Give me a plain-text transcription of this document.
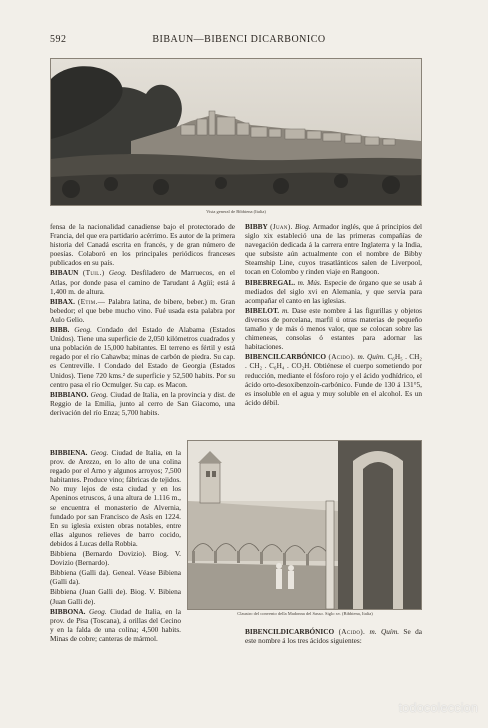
592	BIBAUN—BIBENCI DICARBONICO
Vista general de Bibbiena (Italia)

fensa de la nacionalidad canadiense bajo el protectorado de Francia, del que era partidario acérrimo. Es autor de la primera historia del Canadá escrita en francés, y de gran número de poesías. Colaboró en los principales periódicos franceses publicados en su país.

BIBAUN (Tuil.) Geog. Desfiladero de Marruecos, en el Atlas, por donde pasa el camino de Tarudant á Agüí; está á 1,400 m. de altura.

BIBAX. (Etim.— Palabra latina, de bibere, beber.) m. Gran bebedor; el que bebe mucho vino. Fué usada esta palabra por Aulo Gelio.

BIBB. Geog. Condado del Estado de Alabama (Estados Unidos). Tiene una superficie de 2,050 kilómetros cuadrados y una población de 15,000 habitantes. El terreno es fértil y está regado por el río Cahawba; minas de carbón de piedra. Su cap. es Centreville. ‖ Condado del Estado de Georgia (Estados Unidos). Tiene 720 kms.² de superficie y 52,500 habits. Por su centro pasa el río Ocmulger. Su cap. es Macon.

BIBBIANO. Geog. Ciudad de Italia, en la provincia y dist. de Reggio de la Emilia, junto al cerro de San Giacomo, una derivación del río Enza; 5,700 habits.

BIBBIENA. Geog. Ciudad de Italia, en la prov. de Arezzo, en lo alto de una colina regado por el Arno y algunos arroyos; 7,500 habitantes. Produce vino; fábricas de tejidos. No muy lejos de esta ciudad y en los Apeninos etruscos, á una altura de 1.116 m., se encuentra el monasterio de Alvernia, fundado por san Francisco de Asís en 1224. En su iglesia existen obras notables, entre ellas algunos relieves de barro cocido, debidos á Lucas della Robbia.

Bibbiena (Bernardo Dovizio). Biog. V. Dovizio (Bernardo).

Bibbiena (Galli da). Geneal. Véase Bibiena (Galli da).

Bibbiena (Juan Galli de). Biog. V. Bibiena (Juan Galli de).

BIBBONA. Geog. Ciudad de Italia, en la prov. de Pisa (Toscana), á orillas del Cecino y en la falda de una colina; 4,500 habits. Minas de cobre; canteras de mármol.

BIBBY (Juan). Biog. Armador inglés, que á principios del siglo xix estableció una de las primeras compañías de navegación dedicada á la carrera entre Inglaterra y la India, que subsiste aún actualmente con el nombre de Bibby Steamship Line, cuyos trasatlánticos salen de Liverpool, tocan en Colombo y rinden viaje en Rangoon.

BIBEBREGAL. m. Mús. Especie de órgano que se usab á mediados del siglo xvi en Alemania, y que servía para acompañar el canto en las iglesias.

BIBELOT. m. Dase este nombre á las figurillas y objetos diversos de porcelana, marfil ú otras materias de pequeño tamaño y de más ó menos valor, que se colocan sobre las chimeneas, consolas ó estantes para adornar las habitaciones.

BIBENCILCARBÓNICO (Acido). m. Quím. C₆H₅ . CH₂ . CH₂ . C₆H₄ . CO₂H. Obtiénese el cuerpo sometiendo por reducción, mediante el fósforo rojo y el ácido yodhídrico, el ácido orto-desoxibenzoín-carbónico. Funde de 130 á 131°5, es insoluble en el agua y muy soluble en el alcohol. Es un ácido débil.

Claustro del convento della Madonna del Sasso. Siglo xv. (Bibbiena, Italia)

BIBENCILDICARBÓNICO (Acido). m. Quím. Se da este nombre á los tres ácidos siguientes:

todocoleccion
